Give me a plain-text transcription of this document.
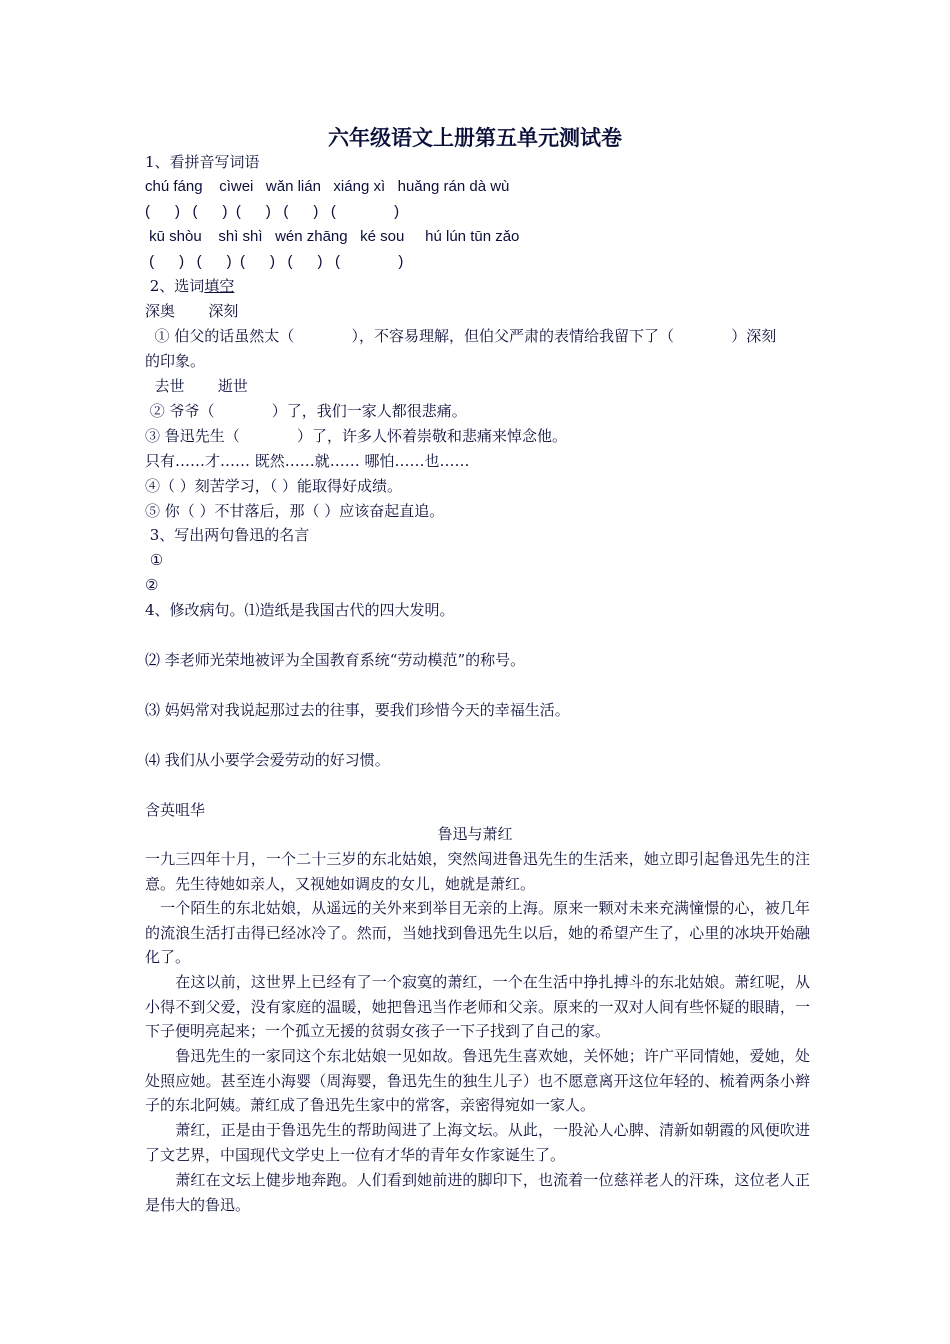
六年级语文上册第五单元测试卷
1、看拼音写词语
chú fáng    cìwei   wǎn lián   xiáng xì   huǎng rán dà wù
(      )   (      )  (      )   (      )   (              )
kū shòu    shì shì   wén zhāng   ké sou     hú lún tūn zǎo
(      )   (      )  (      )   (      )   (              )
2、选词填空
深奥       深刻
① 伯父的话虽然太（            ），不容易理解，但伯父严肃的表情给我留下了（            ）深刻
的印象。
去世       逝世
② 爷爷（            ）了，我们一家人都很悲痛。
③ 鲁迅先生（            ）了，许多人怀着崇敬和悲痛来悼念他。
只有……才…… 既然……就…… 哪怕……也……
④（ ）刻苦学习，（ ）能取得好成绩。
⑤ 你（ ）不甘落后，那（ ）应该奋起直追。
3、写出两句鲁迅的名言
①
②
4、修改病句。⑴造纸是我国古代的四大发明。
⑵ 李老师光荣地被评为全国教育系统“劳动模范”的称号。
⑶ 妈妈常对我说起那过去的往事，要我们珍惜今天的幸福生活。
⑷ 我们从小要学会爱劳动的好习惯。
含英咀华
鲁迅与萧红
一九三四年十月，一个二十三岁的东北姑娘，突然闯进鲁迅先生的生活来，她立即引起鲁迅先生的注意。先生待她如亲人，又视她如调皮的女儿，她就是萧红。
　一个陌生的东北姑娘，从遥远的关外来到举目无亲的上海。原来一颗对未来充满憧憬的心，被几年的流浪生活打击得已经冰冷了。然而，当她找到鲁迅先生以后，她的希望产生了，心里的冰块开始融化了。
　　在这以前，这世界上已经有了一个寂寞的萧红，一个在生活中挣扎搏斗的东北姑娘。萧红呢，从小得不到父爱，没有家庭的温暖，她把鲁迅当作老师和父亲。原来的一双对人间有些怀疑的眼睛，一下子便明亮起来；一个孤立无援的贫弱女孩子一下子找到了自己的家。
　　鲁迅先生的一家同这个东北姑娘一见如故。鲁迅先生喜欢她，关怀她；许广平同情她，爱她，处处照应她。甚至连小海婴（周海婴，鲁迅先生的独生儿子）也不愿意离开这位年轻的、梳着两条小辫子的东北阿姨。萧红成了鲁迅先生家中的常客，亲密得宛如一家人。
　　萧红，正是由于鲁迅先生的帮助闯进了上海文坛。从此，一股沁人心脾、清新如朝霞的风便吹进了文艺界，中国现代文学史上一位有才华的青年女作家诞生了。
　　萧红在文坛上健步地奔跑。人们看到她前进的脚印下，也流着一位慈祥老人的汗珠，这位老人正是伟大的鲁迅。
